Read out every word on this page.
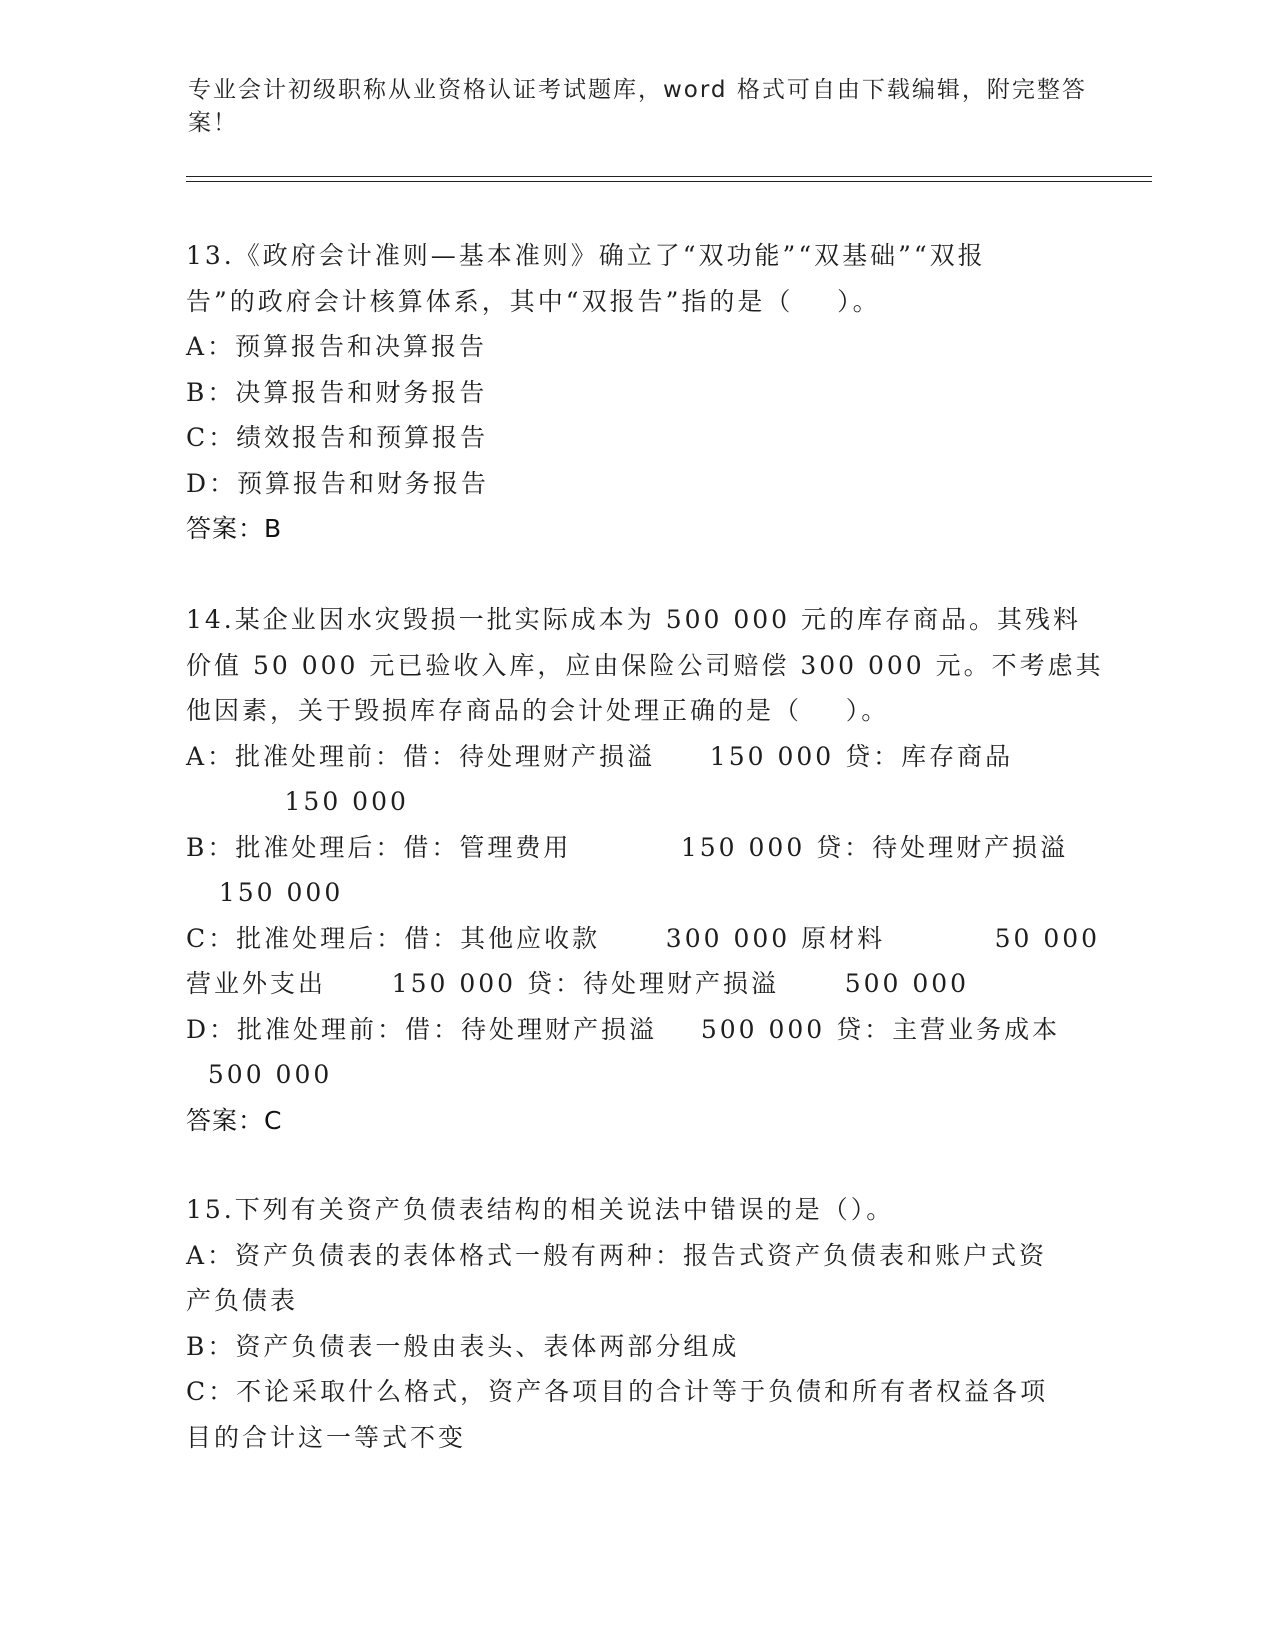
专业会计初级职称从业资格认证考试题库，word 格式可自由下载编辑，附完整答
案！
13.《政府会计准则—基本准则》确立了“双功能”“双基础”“双报
告”的政府会计核算体系，其中“双报告”指的是（    ）。
A：预算报告和决算报告
B：决算报告和财务报告
C：绩效报告和预算报告
D：预算报告和财务报告
答案：B
14.某企业因水灾毁损一批实际成本为 500 000 元的库存商品。其残料
价值 50 000 元已验收入库，应由保险公司赔偿 300 000 元。不考虑其
他因素，关于毁损库存商品的会计处理正确的是（    ）。
A：批准处理前：借：待处理财产损溢     150 000 贷：库存商品
150 000
B：批准处理后：借：管理费用          150 000 贷：待处理财产损溢
150 000
C：批准处理后：借：其他应收款      300 000 原材料          50 000
营业外支出      150 000 贷：待处理财产损溢      500 000
D：批准处理前：借：待处理财产损溢    500 000 贷：主营业务成本
500 000
答案：C
15.下列有关资产负债表结构的相关说法中错误的是（）。
A：资产负债表的表体格式一般有两种：报告式资产负债表和账户式资
产负债表
B：资产负债表一般由表头、表体两部分组成
C：不论采取什么格式，资产各项目的合计等于负债和所有者权益各项
目的合计这一等式不变
